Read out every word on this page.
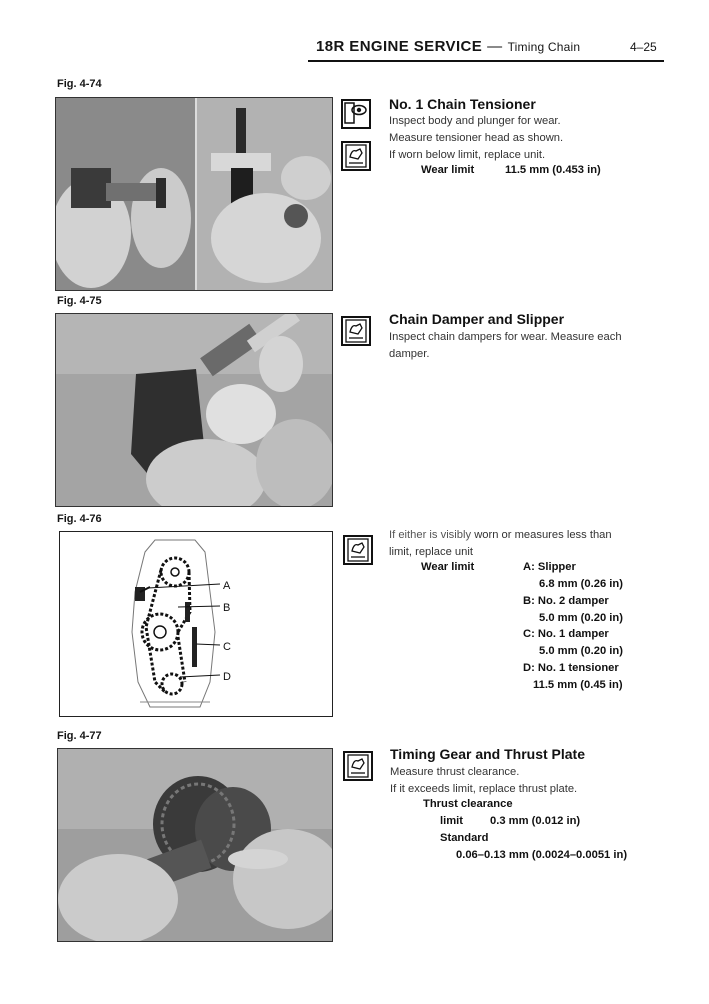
18R ENGINE SERVICE — Timing Chain	4–25
Fig. 4-74
Fig. 4-75
Fig. 4-76
A
B
C
D
Fig. 4-77
No. 1 Chain Tensioner
Inspect body and plunger for wear.
Measure tensioner head as shown.
If worn below limit, replace unit.
Wear limit	11.5 mm (0.453 in)
Chain Damper and Slipper
Inspect chain dampers for wear. Measure each
damper.
If either is visibly worn or measures less than
limit, replace unit
Wear limit	A: Slipper
6.8 mm (0.26 in)
B: No. 2 damper
5.0 mm (0.20 in)
C: No. 1 damper
5.0 mm (0.20 in)
D: No. 1 tensioner
11.5 mm (0.45 in)
Timing Gear and Thrust Plate
Measure thrust clearance.
If it exceeds limit, replace thrust plate.
Thrust clearance
limit 0.3 mm (0.012 in)
Standard
0.06–0.13 mm (0.0024–0.0051 in)
